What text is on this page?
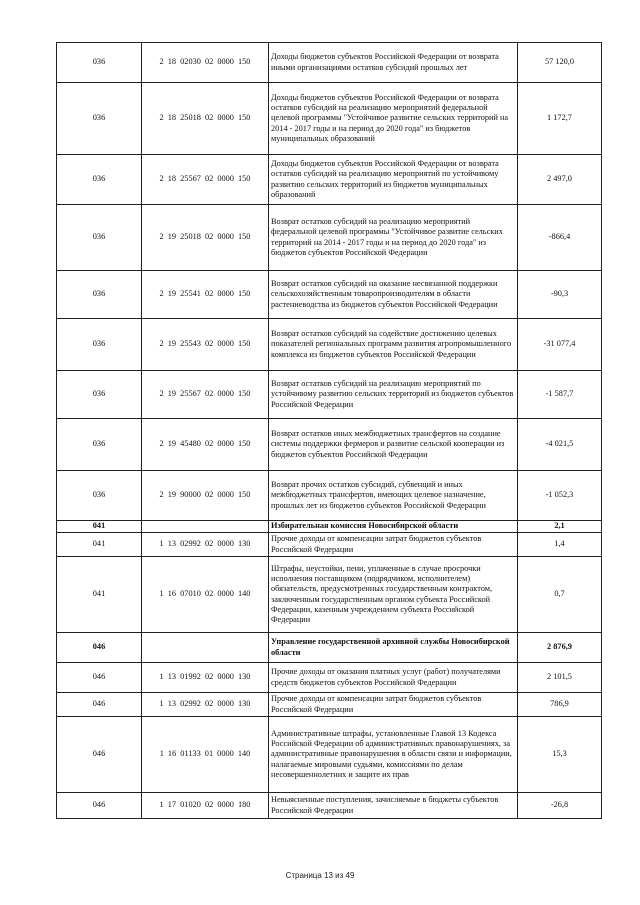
036	2 18 02030 02 0000 150	Доходы бюджетов субъектов Российской Федерации от возврата иными организациями остатков субсидий прошлых лет	57 120,0
036	2 18 25018 02 0000 150	Доходы бюджетов субъектов Российской Федерации от возврата остатков субсидий на реализацию мероприятий федеральной целевой программы "Устойчивое развитие сельских территорий на 2014 - 2017 годы и на период до 2020 года" из бюджетов муниципальных образований	1 172,7
036	2 18 25567 02 0000 150	Доходы бюджетов субъектов Российской Федерации от возврата остатков субсидий на реализацию мероприятий по устойчивому развитию сельских территорий из бюджетов муниципальных образований	2 497,0
036	2 19 25018 02 0000 150	Возврат остатков субсидий на реализацию мероприятий федеральной целевой программы "Устойчивое развитие сельских территорий на 2014 - 2017 годы и на период до 2020 года" из бюджетов субъектов Российской Федерации	-866,4
036	2 19 25541 02 0000 150	Возврат остатков субсидий на оказание несвязанной поддержки сельскохозяйственным товаропроизводителям в области растениеводства из бюджетов субъектов Российской Федерации	-90,3
036	2 19 25543 02 0000 150	Возврат остатков субсидий на содействие достижению целевых показателей региональных программ развития агропромышленного комплекса из бюджетов субъектов Российской Федерации	-31 077,4
036	2 19 25567 02 0000 150	Возврат остатков субсидий на реализацию мероприятий по устойчивому развитию сельских территорий из бюджетов субъектов Российской Федерации	-1 587,7
036	2 19 45480 02 0000 150	Возврат остатков иных межбюджетных трансфертов на создание системы поддержки фермеров и развитие сельской кооперации из бюджетов субъектов Российской Федерации	-4 021,5
036	2 19 90000 02 0000 150	Возврат прочих остатков субсидий, субвенций и иных межбюджетных трансфертов, имеющих целевое назначение, прошлых лет из бюджетов субъектов Российской Федерации	-1 052,3
041		Избирательная комиссия Новосибирской области	2,1
041	1 13 02992 02 0000 130	Прочие доходы от компенсации затрат бюджетов субъектов Российской Федерации	1,4
041	1 16 07010 02 0000 140	Штрафы, неустойки, пени, уплаченные в случае просрочки исполнения поставщиком (подрядчиком, исполнителем) обязательств, предусмотренных государственным контрактом, заключенным государственным органом субъекта Российской Федерации, казенным учреждением субъекта Российской Федерации	0,7
046		Управление государственной архивной службы Новосибирской области	2 876,9
046	1 13 01992 02 0000 130	Прочие доходы от оказания платных услуг (работ) получателями средств бюджетов субъектов Российской Федерации	2 101,5
046	1 13 02992 02 0000 130	Прочие доходы от компенсации затрат бюджетов субъектов Российской Федерации	786,9
046	1 16 01133 01 0000 140	Административные штрафы, установленные Главой 13 Кодекса Российской Федерации об административных правонарушениях, за административные правонарушения в области связи и информации, налагаемые мировыми судьями, комиссиями по делам несовершеннолетних и защите их прав	15,3
046	1 17 01020 02 0000 180	Невыясненные поступления, зачисляемые в бюджеты субъектов Российской Федерации	-26,8
Страница 13 из 49
